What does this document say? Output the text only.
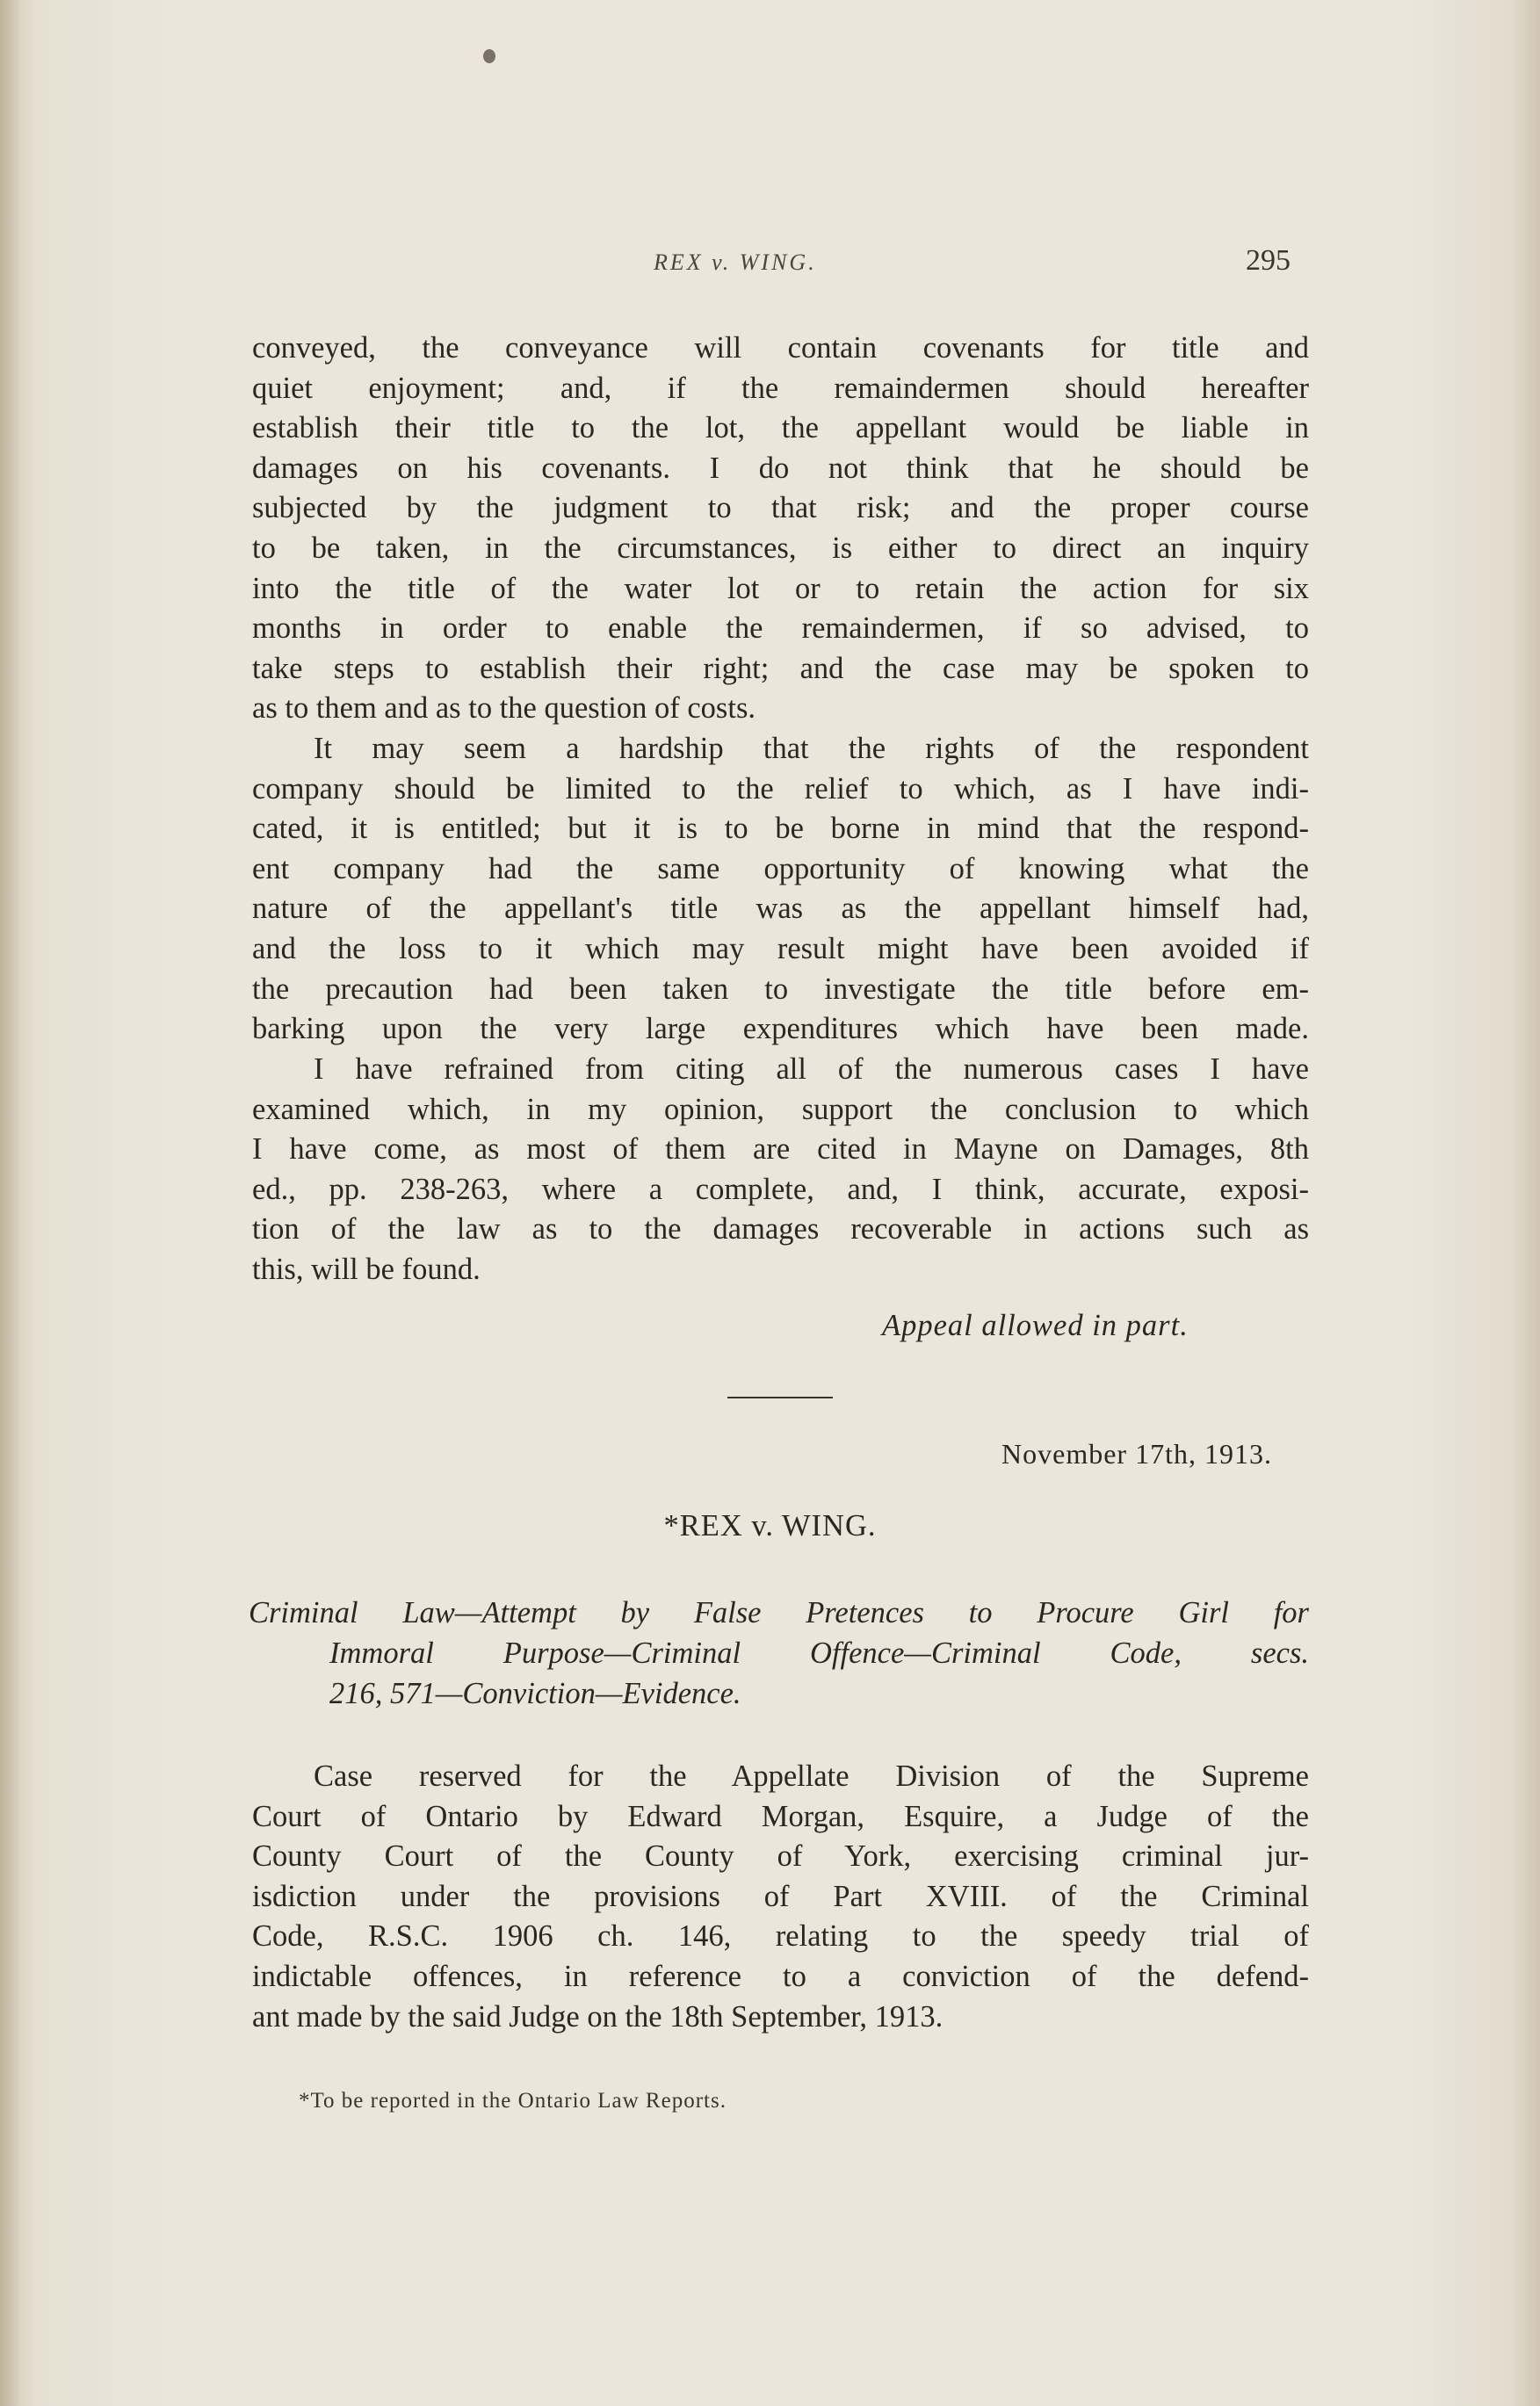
REX v. WING.	295
conveyed, the conveyance will contain covenants for title and
quiet enjoyment; and, if the remaindermen should hereafter
establish their title to the lot, the appellant would be liable in
damages on his covenants. I do not think that he should be
subjected by the judgment to that risk; and the proper course
to be taken, in the circumstances, is either to direct an inquiry
into the title of the water lot or to retain the action for six
months in order to enable the remaindermen, if so advised, to
take steps to establish their right; and the case may be spoken to
as to them and as to the question of costs.
It may seem a hardship that the rights of the respondent
company should be limited to the relief to which, as I have indi-
cated, it is entitled; but it is to be borne in mind that the respond-
ent company had the same opportunity of knowing what the
nature of the appellant's title was as the appellant himself had,
and the loss to it which may result might have been avoided if
the precaution had been taken to investigate the title before em-
barking upon the very large expenditures which have been made.
I have refrained from citing all of the numerous cases I have
examined which, in my opinion, support the conclusion to which
I have come, as most of them are cited in Mayne on Damages, 8th
ed., pp. 238-263, where a complete, and, I think, accurate, exposi-
tion of the law as to the damages recoverable in actions such as
this, will be found.
Appeal allowed in part.
November 17th, 1913.
*REX v. WING.
Criminal Law—Attempt by False Pretences to Procure Girl for
Immoral Purpose—Criminal Offence—Criminal Code, secs.
216, 571—Conviction—Evidence.
Case reserved for the Appellate Division of the Supreme
Court of Ontario by Edward Morgan, Esquire, a Judge of the
County Court of the County of York, exercising criminal jur-
isdiction under the provisions of Part XVIII. of the Criminal
Code, R.S.C. 1906 ch. 146, relating to the speedy trial of
indictable offences, in reference to a conviction of the defend-
ant made by the said Judge on the 18th September, 1913.
*To be reported in the Ontario Law Reports.
